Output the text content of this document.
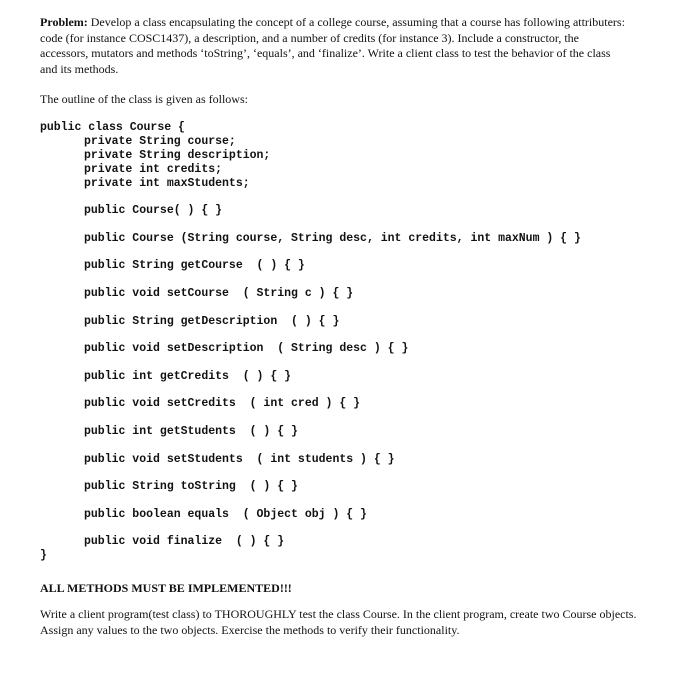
Problem: Develop a class encapsulating the concept of a college course, assuming that a course has following attributers: code (for instance COSC1437), a description, and a number of credits (for instance 3). Include a constructor, the accessors, mutators and methods ‘toString’, ‘equals’, and ‘finalize’. Write a client class to test the behavior of the class and its methods.
The outline of the class is given as follows:
public class Course {
private String course;
private String description;
private int credits;
private int maxStudents;
public Course( ) { }
public Course (String course, String desc, int credits, int maxNum ) { }
public String getCourse  ( ) { }
public void setCourse  ( String c ) { }
public String getDescription  ( ) { }
public void setDescription  ( String desc ) { }
public int getCredits  ( ) { }
public void setCredits  ( int cred ) { }
public int getStudents  ( ) { }
public void setStudents  ( int students ) { }
public String toString  ( ) { }
public boolean equals  ( Object obj ) { }
public void finalize  ( ) { }
}
ALL METHODS MUST BE IMPLEMENTED!!!
Write a client program(test class) to THOROUGHLY test the class Course. In the client program, create two Course objects. Assign any values to the two objects. Exercise the methods to verify their functionality.
